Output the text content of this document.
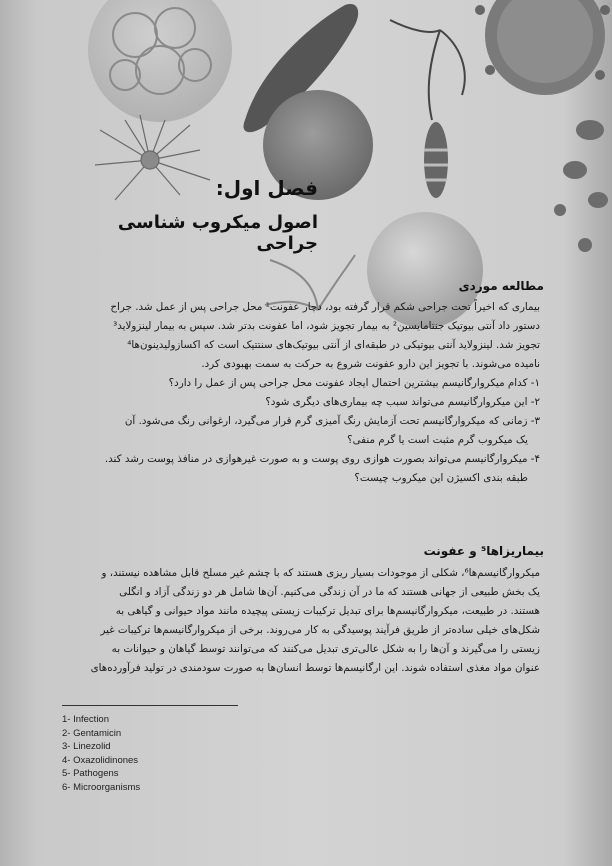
فصل اول:
اصول میکروب شناسی جراحی
مطالعه موردی

بیماری که اخیراً تحت جراحی شکم قرار گرفته بود، دچار عفونت¹ محل جراحی پس از عمل شد. جراح

دستور داد آنتی بیوتیک جنتامایسین² به بیمار تجویز شود، اما عفونت بدتر شد. سپس به بیمار لینزولاید³

تجویز شد. لینزولاید آنتی بیوتیکی در طبقه‌ای از آنتی بیوتیک‌های سنتتیک است که اکسازولیدینون‌ها⁴

نامیده می‌شوند. با تجویز این دارو عفونت شروع به حرکت به سمت بهبودی کرد.

۱- کدام میکروارگانیسم بیشترین احتمال ایجاد عفونت محل جراحی پس از عمل را دارد؟

۲- این میکروارگانیسم می‌تواند سبب چه بیماری‌های دیگری شود؟

۳- زمانی که میکروارگانیسم تحت آزمایش رنگ آمیزی گرم قرار می‌گیرد، ارغوانی رنگ می‌شود. آن

یک میکروب گرم مثبت است یا گرم منفی؟

۴- میکروارگانیسم می‌تواند بصورت هوازی روی پوست و به صورت غیرهوازی در منافذ پوست رشد کند.

طبقه بندی اکسیژن این میکروب چیست؟

بیماریزاها⁵ و عفونت

میکروارگانیسم‌ها⁶، شکلی از موجودات بسیار ریزی هستند که با چشم غیر مسلح قابل مشاهده نیستند، و

یک بخش طبیعی از جهانی هستند که ما در آن زندگی می‌کنیم. آن‌ها شامل هر دو زندگی آزاد و انگلی

هستند. در طبیعت، میکروارگانیسم‌ها برای تبدیل ترکیبات زیستی پیچیده مانند مواد حیوانی و گیاهی به

شکل‌های خیلی ساده‌تر از طریق فرآیند پوسیدگی به کار می‌روند. برخی از میکروارگانیسم‌ها ترکیبات غیر

زیستی را می‌گیرند و آن‌ها را به شکل عالی‌تری تبدیل می‌کنند که می‌توانند توسط گیاهان و حیوانات به

عنوان مواد مغذی استفاده شوند. این ارگانیسم‌ها توسط انسان‌ها به صورت سودمندی در تولید فرآورده‌های

1- Infection
2- Gentamicin
3- Linezolid
4- Oxazolidinones
5- Pathogens
6- Microorganisms
